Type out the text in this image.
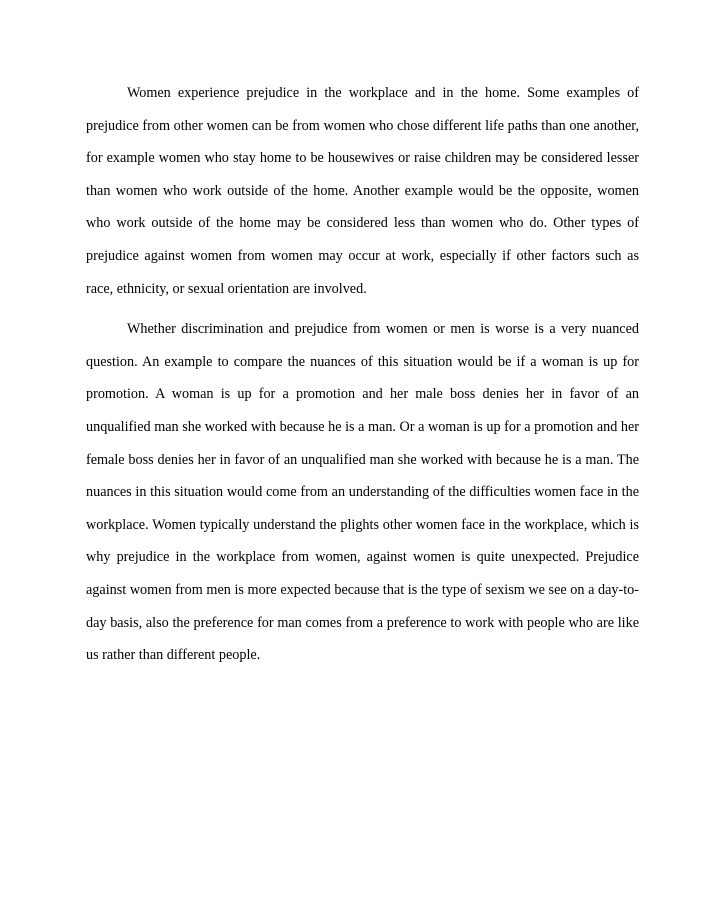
Women experience prejudice in the workplace and in the home. Some examples of
prejudice from other women can be from women who chose different life paths than one another,
for example women who stay home to be housewives or raise children may be considered lesser
than women who work outside of the home. Another example would be the opposite, women
who work outside of the home may be considered less than women who do. Other types of
prejudice against women from women may occur at work, especially if other factors such as
race, ethnicity, or sexual orientation are involved.
Whether discrimination and prejudice from women or men is worse is a very nuanced
question. An example to compare the nuances of this situation would be if a woman is up for
promotion. A woman is up for a promotion and her male boss denies her in favor of an
unqualified man she worked with because he is a man. Or a woman is up for a promotion and her
female boss denies her in favor of an unqualified man she worked with because he is a man. The
nuances in this situation would come from an understanding of the difficulties women face in the
workplace. Women typically understand the plights other women face in the workplace, which is
why prejudice in the workplace from women, against women is quite unexpected. Prejudice
against women from men is more expected because that is the type of sexism we see on a day-to-
day basis, also the preference for man comes from a preference to work with people who are like
us rather than different people.
